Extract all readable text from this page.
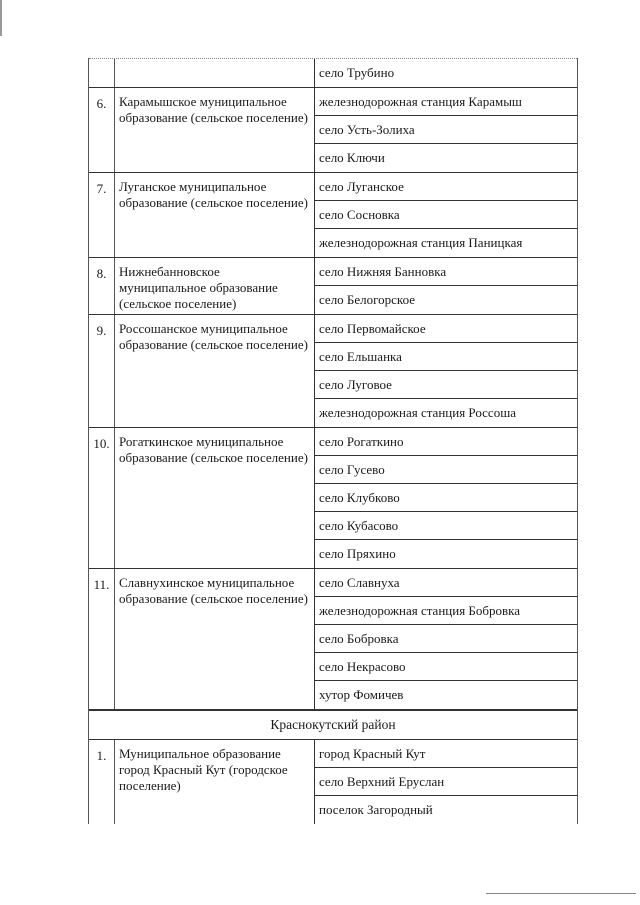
село Трубино
6. Карамышское муниципальное образование (сельское поселение)
железнодорожная станция Карамыш
село Усть-Золиха
село Ключи
7. Луганское муниципальное образование (сельское поселение)
село Луганское
село Сосновка
железнодорожная станция Паницкая
8. Нижнебанновское муниципальное образование (сельское поселение)
село Нижняя Банновка
село Белогорское
9. Россошанское муниципальное образование (сельское поселение)
село Первомайское
село Ельшанка
село Луговое
железнодорожная станция Россоша
10. Рогаткинское муниципальное образование (сельское поселение)
село Рогаткино
село Гусево
село Клубково
село Кубасово
село Пряхино
11. Славнухинское муниципальное образование (сельское поселение)
село Славнуха
железнодорожная станция Бобровка
село Бобровка
село Некрасово
хутор Фомичев
Краснокутский район
1. Муниципальное образование город Красный Кут (городское поселение)
город Красный Кут
село Верхний Еруслан
поселок Загородный
